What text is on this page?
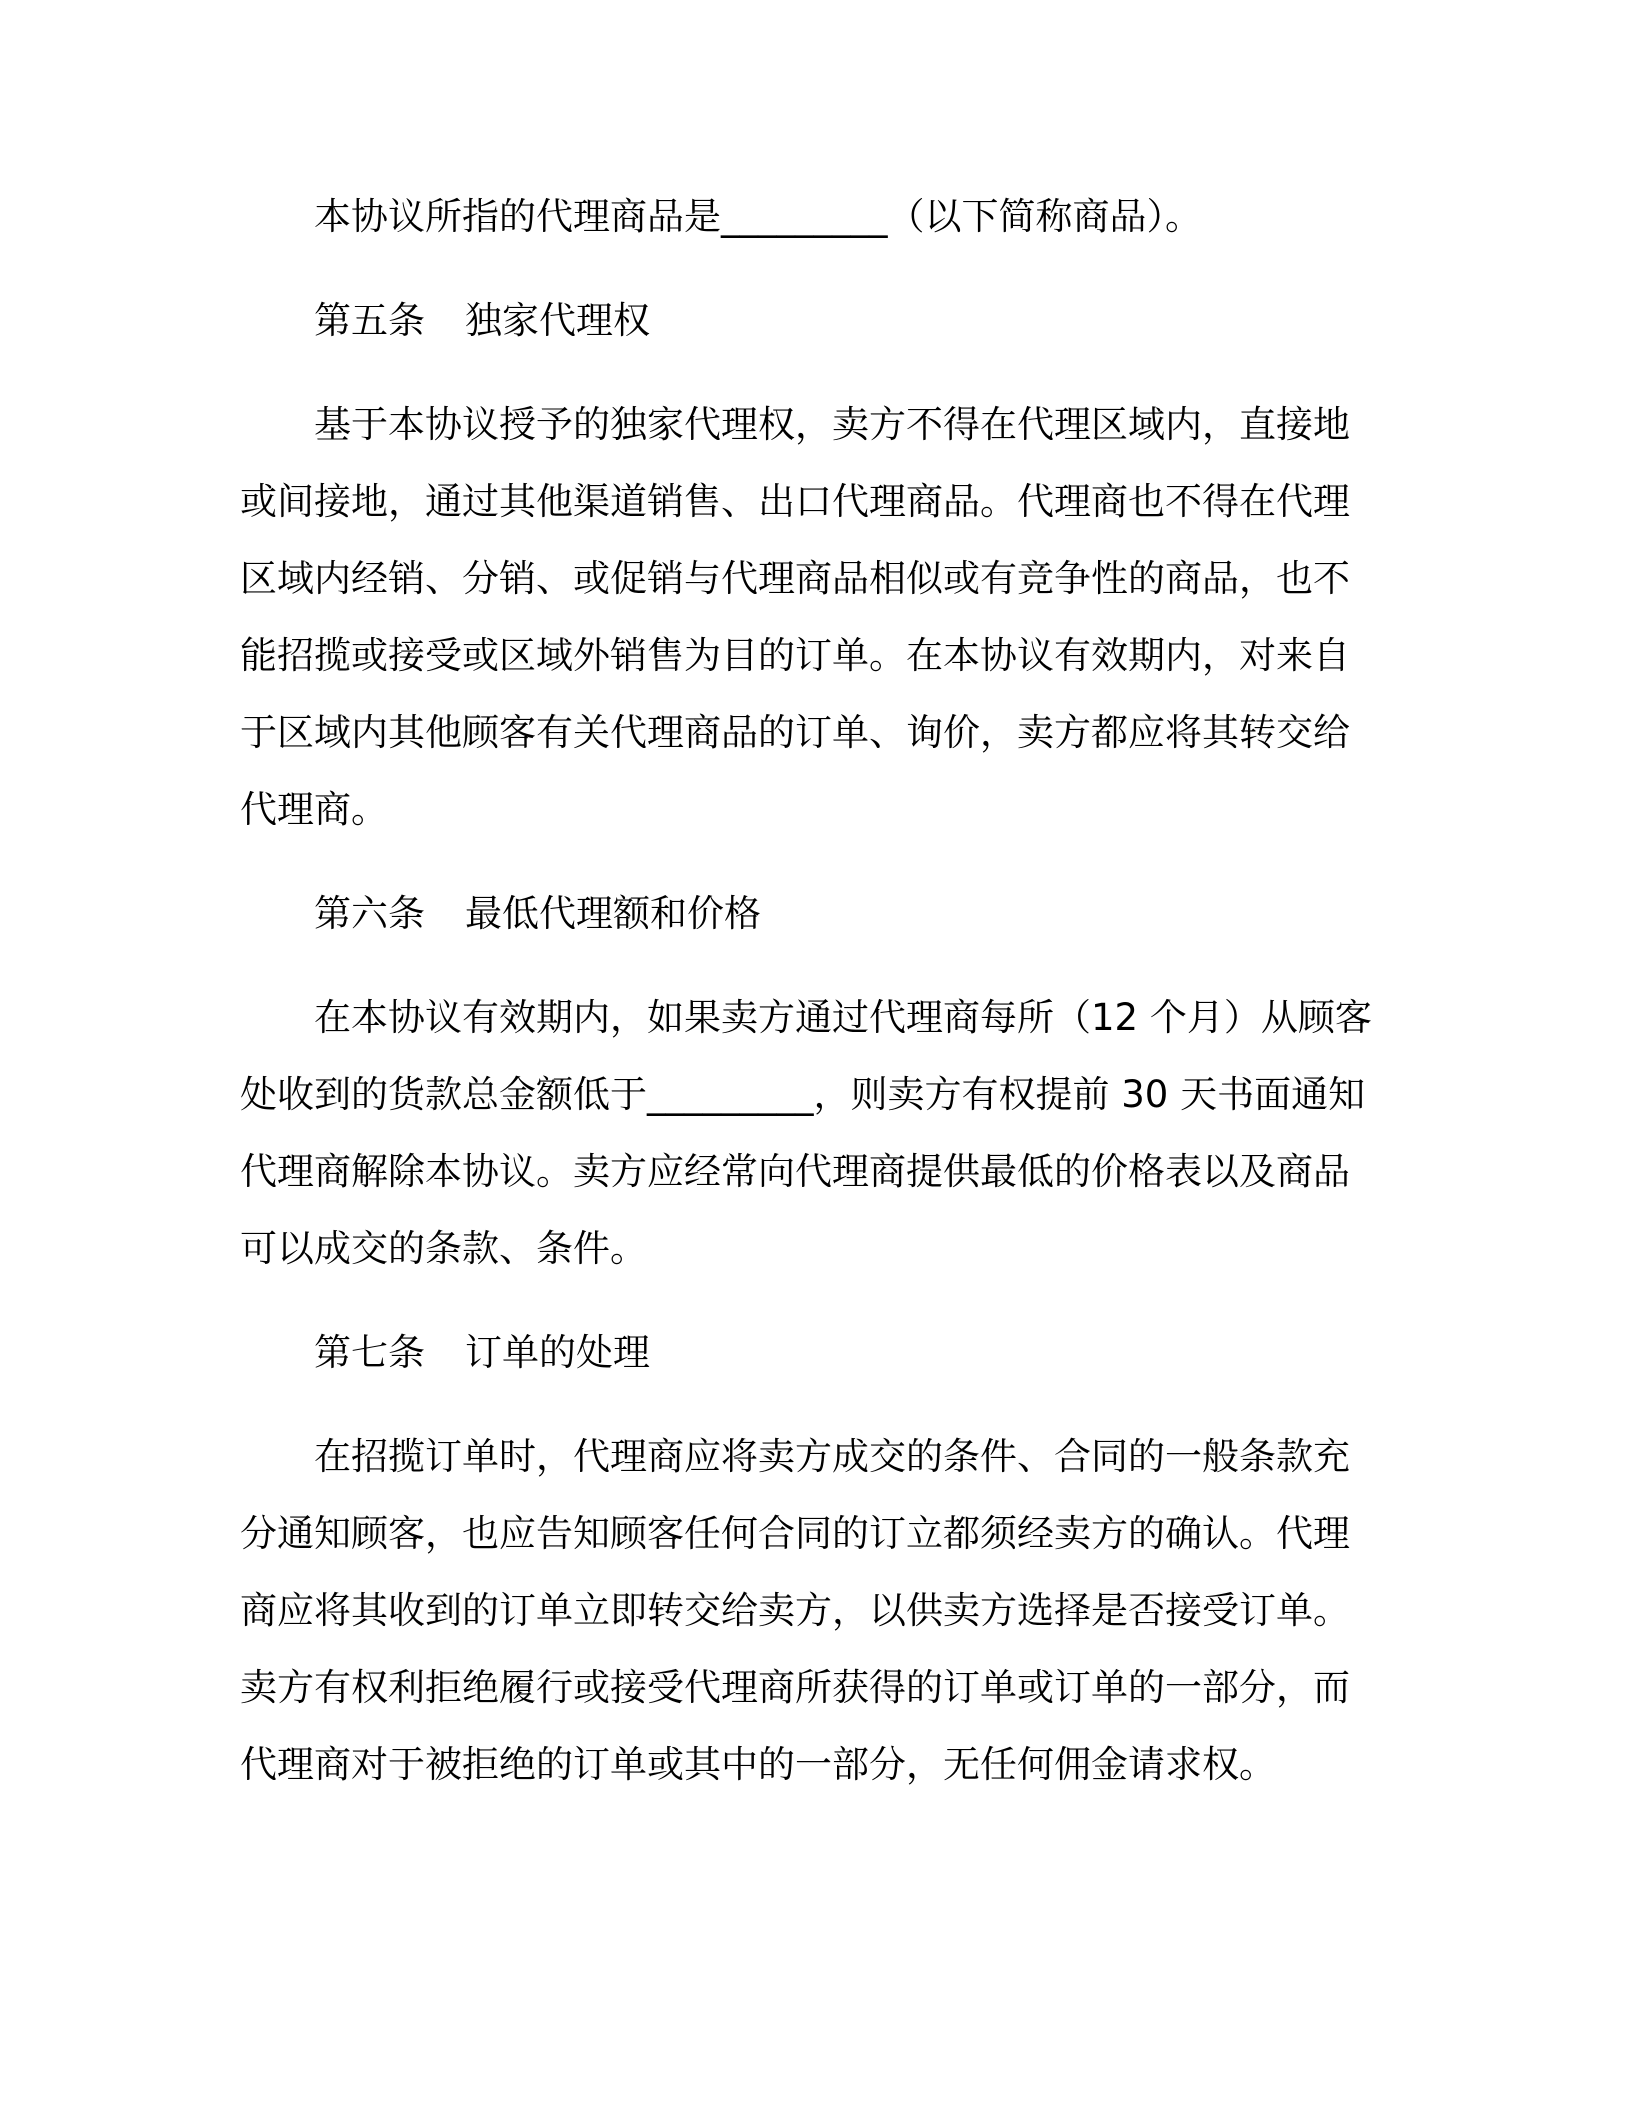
本协议所指的代理商品是_________（以下简称商品）。

第五条 独家代理权

基于本协议授予的独家代理权，卖方不得在代理区域内，直接地

或间接地，通过其他渠道销售、出口代理商品。代理商也不得在代理

区域内经销、分销、或促销与代理商品相似或有竞争性的商品，也不

能招揽或接受或区域外销售为目的订单。在本协议有效期内，对来自

于区域内其他顾客有关代理商品的订单、询价，卖方都应将其转交给

代理商。

第六条 最低代理额和价格

在本协议有效期内，如果卖方通过代理商每所（12 个月）从顾客

处收到的货款总金额低于_________，则卖方有权提前 30 天书面通知

代理商解除本协议。卖方应经常向代理商提供最低的价格表以及商品

可以成交的条款、条件。

第七条 订单的处理

在招揽订单时，代理商应将卖方成交的条件、合同的一般条款充

分通知顾客，也应告知顾客任何合同的订立都须经卖方的确认。代理

商应将其收到的订单立即转交给卖方，以供卖方选择是否接受订单。

卖方有权利拒绝履行或接受代理商所获得的订单或订单的一部分，而

代理商对于被拒绝的订单或其中的一部分，无任何佣金请求权。
